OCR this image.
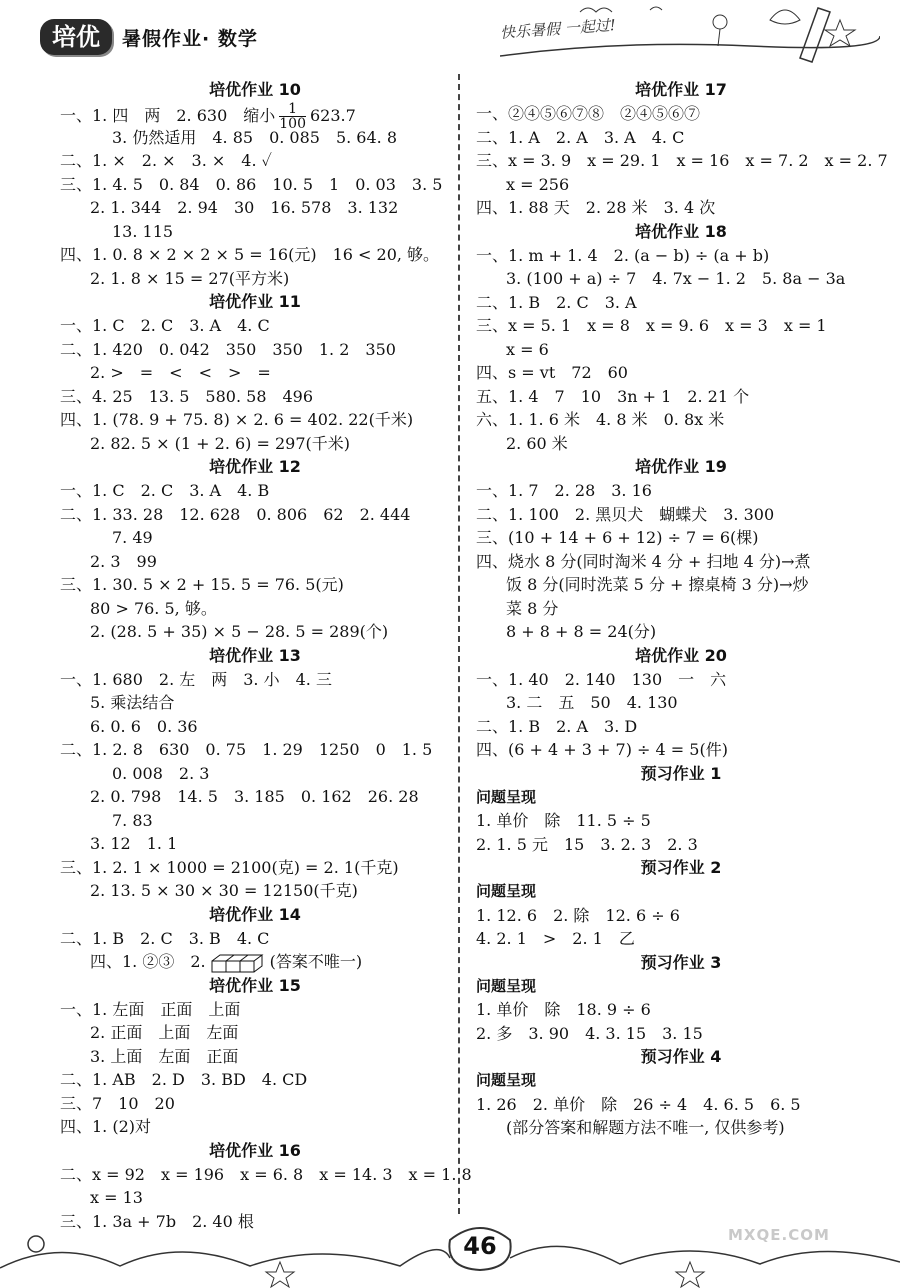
培优	暑假作业· 数学	快乐暑假 一起过!
培优作业 10
一、1. 四　两　2. 630　缩小 $\frac{1}{100} 623.7$
3. 仍然适用　4. 85　0. 085　5. 64. 8
二、1. ×　2. ×　3. ×　4. ✓
三、1. 4. 5　0. 84　0. 86　10. 5　1　0. 03　3. 5
2. 1. 344　2. 94　30　16. 578　3. 132
13. 115
四、1. 0. 8 × 2 × 2 × 5 = 16(元)　16 < 20, 够。
2. 1. 8 × 15 = 27(平方米)
培优作业 11
一、1. C　2. C　3. A　4. C
二、1. 420　0. 042　350　350　1. 2　350
2. >　=　<　<　>　=
三、4. 25　13. 5　580. 58　496
四、1. (78. 9 + 75. 8) × 2. 6 = 402. 22(千米)
2. 82. 5 × (1 + 2. 6) = 297(千米)
培优作业 12
一、1. C　2. C　3. A　4. B
二、1. 33. 28　12. 628　0. 806　62　2. 444
7. 49
2. 3　99
三、1. 30. 5 × 2 + 15. 5 = 76. 5(元)
80 > 76. 5, 够。
2. (28. 5 + 35) × 5 − 28. 5 = 289(个)
培优作业 13
一、1. 680　2. 左　两　3. 小　4. 三
5. 乘法结合
6. 0. 6　0. 36
二、1. 2. 8　630　0. 75　1. 29　1250　0　1. 5
0. 008　2. 3
2. 0. 798　14. 5　3. 185　0. 162　26. 28
7. 83
3. 12　1. 1
三、1. 2. 1 × 1000 = 2100(克) = 2. 1(千克)
2. 13. 5 × 30 × 30 = 12150(千克)
培优作业 14
二、1. B　2. C　3. B　4. C
四、1. ②③　2.	(答案不唯一)
培优作业 15
一、1. 左面　正面　上面
2. 正面　上面　左面
3. 上面　左面　正面
二、1. AB　2. D　3. BD　4. CD
三、7　10　20
四、1. (2)对
培优作业 16
二、x = 92　x = 196　x = 6. 8　x = 14. 3　x = 1. 8
x = 13
三、1. 3a + 7b　2. 40 根
培优作业 17
一、②④⑤⑥⑦⑧　②④⑤⑥⑦
二、1. A　2. A　3. A　4. C
三、x = 3. 9　x = 29. 1　x = 16　x = 7. 2　x = 2. 7
x = 256
四、1. 88 天　2. 28 米　3. 4 次
培优作业 18
一、1. m + 1. 4　2. (a − b) ÷ (a + b)
3. (100 + a) ÷ 7　4. 7x − 1. 2　5. 8a − 3a
二、1. B　2. C　3. A
三、x = 5. 1　x = 8　x = 9. 6　x = 3　x = 1
x = 6
四、s = vt　72　60
五、1. 4　7　10　3n + 1　2. 21 个
六、1. 1. 6 米　4. 8 米　0. 8x 米
2. 60 米
培优作业 19
一、1. 7　2. 28　3. 16
二、1. 100　2. 黑贝犬　蝴蝶犬　3. 300
三、(10 + 14 + 6 + 12) ÷ 7 = 6(棵)
四、烧水 8 分(同时淘米 4 分 + 扫地 4 分)→煮
饭 8 分(同时洗菜 5 分 + 擦桌椅 3 分)→炒
菜 8 分
8 + 8 + 8 = 24(分)
培优作业 20
一、1. 40　2. 140　130　一　六
3. 二　五　50　4. 130
二、1. B　2. A　3. D
四、(6 + 4 + 3 + 7) ÷ 4 = 5(件)
预习作业 1
问题呈现
1. 单价　除　11. 5 ÷ 5
2. 1. 5 元　15　3. 2. 3　2. 3
预习作业 2
问题呈现
1. 12. 6　2. 除　12. 6 ÷ 6
4. 2. 1　>　2. 1　乙
预习作业 3
问题呈现
1. 单价　除　18. 9 ÷ 6
2. 多　3. 90　4. 3. 15　3. 15
预习作业 4
问题呈现
1. 26　2. 单价　除　26 ÷ 4　4. 6. 5　6. 5
(部分答案和解题方法不唯一, 仅供参考)
46	MXQE.COM
